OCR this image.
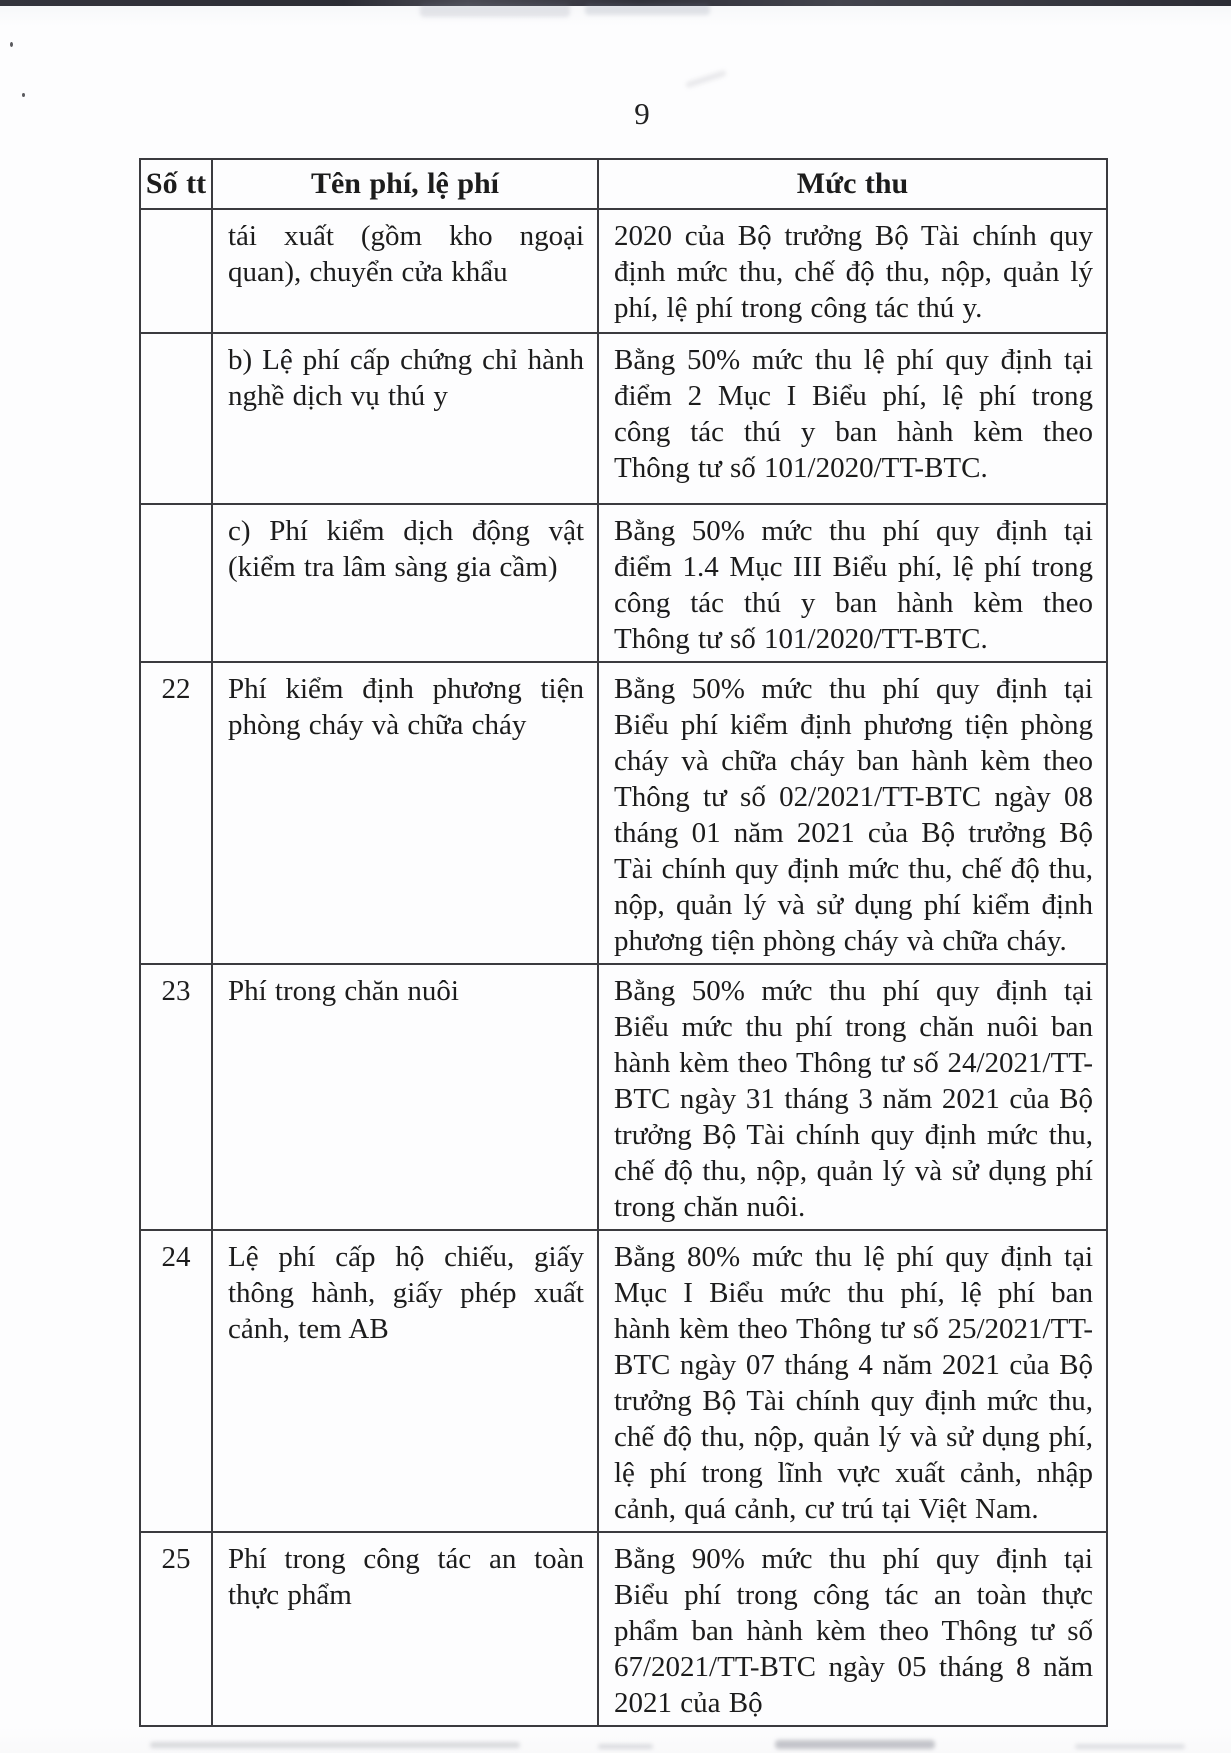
9
Số tt	Tên phí, lệ phí	Mức thu
	tái xuất (gồm kho ngoại quan), chuyển cửa khẩu	2020 của Bộ trưởng Bộ Tài chính quy định mức thu, chế độ thu, nộp, quản lý phí, lệ phí trong công tác thú y.
	b) Lệ phí cấp chứng chỉ hành nghề dịch vụ thú y	Bằng 50% mức thu lệ phí quy định tại điểm 2 Mục I Biểu phí, lệ phí trong công tác thú y ban hành kèm theo Thông tư số 101/2020/TT-BTC.
	c) Phí kiểm dịch động vật (kiểm tra lâm sàng gia cầm)	Bằng 50% mức thu phí quy định tại điểm 1.4 Mục III Biểu phí, lệ phí trong công tác thú y ban hành kèm theo Thông tư số 101/2020/TT-BTC.
22	Phí kiểm định phương tiện phòng cháy và chữa cháy	Bằng 50% mức thu phí quy định tại Biểu phí kiểm định phương tiện phòng cháy và chữa cháy ban hành kèm theo Thông tư số 02/2021/TT-BTC ngày 08 tháng 01 năm 2021 của Bộ trưởng Bộ Tài chính quy định mức thu, chế độ thu, nộp, quản lý và sử dụng phí kiểm định phương tiện phòng cháy và chữa cháy.
23	Phí trong chăn nuôi	Bằng 50% mức thu phí quy định tại Biểu mức thu phí trong chăn nuôi ban hành kèm theo Thông tư số 24/2021/TT-BTC ngày 31 tháng 3 năm 2021 của Bộ trưởng Bộ Tài chính quy định mức thu, chế độ thu, nộp, quản lý và sử dụng phí trong chăn nuôi.
24	Lệ phí cấp hộ chiếu, giấy thông hành, giấy phép xuất cảnh, tem AB	Bằng 80% mức thu lệ phí quy định tại Mục I Biểu mức thu phí, lệ phí ban hành kèm theo Thông tư số 25/2021/TT-BTC ngày 07 tháng 4 năm 2021 của Bộ trưởng Bộ Tài chính quy định mức thu, chế độ thu, nộp, quản lý và sử dụng phí, lệ phí trong lĩnh vực xuất cảnh, nhập cảnh, quá cảnh, cư trú tại Việt Nam.
25	Phí trong công tác an toàn thực phẩm	Bằng 90% mức thu phí quy định tại Biểu phí trong công tác an toàn thực phẩm ban hành kèm theo Thông tư số 67/2021/TT-BTC ngày 05 tháng 8 năm 2021 của Bộ
